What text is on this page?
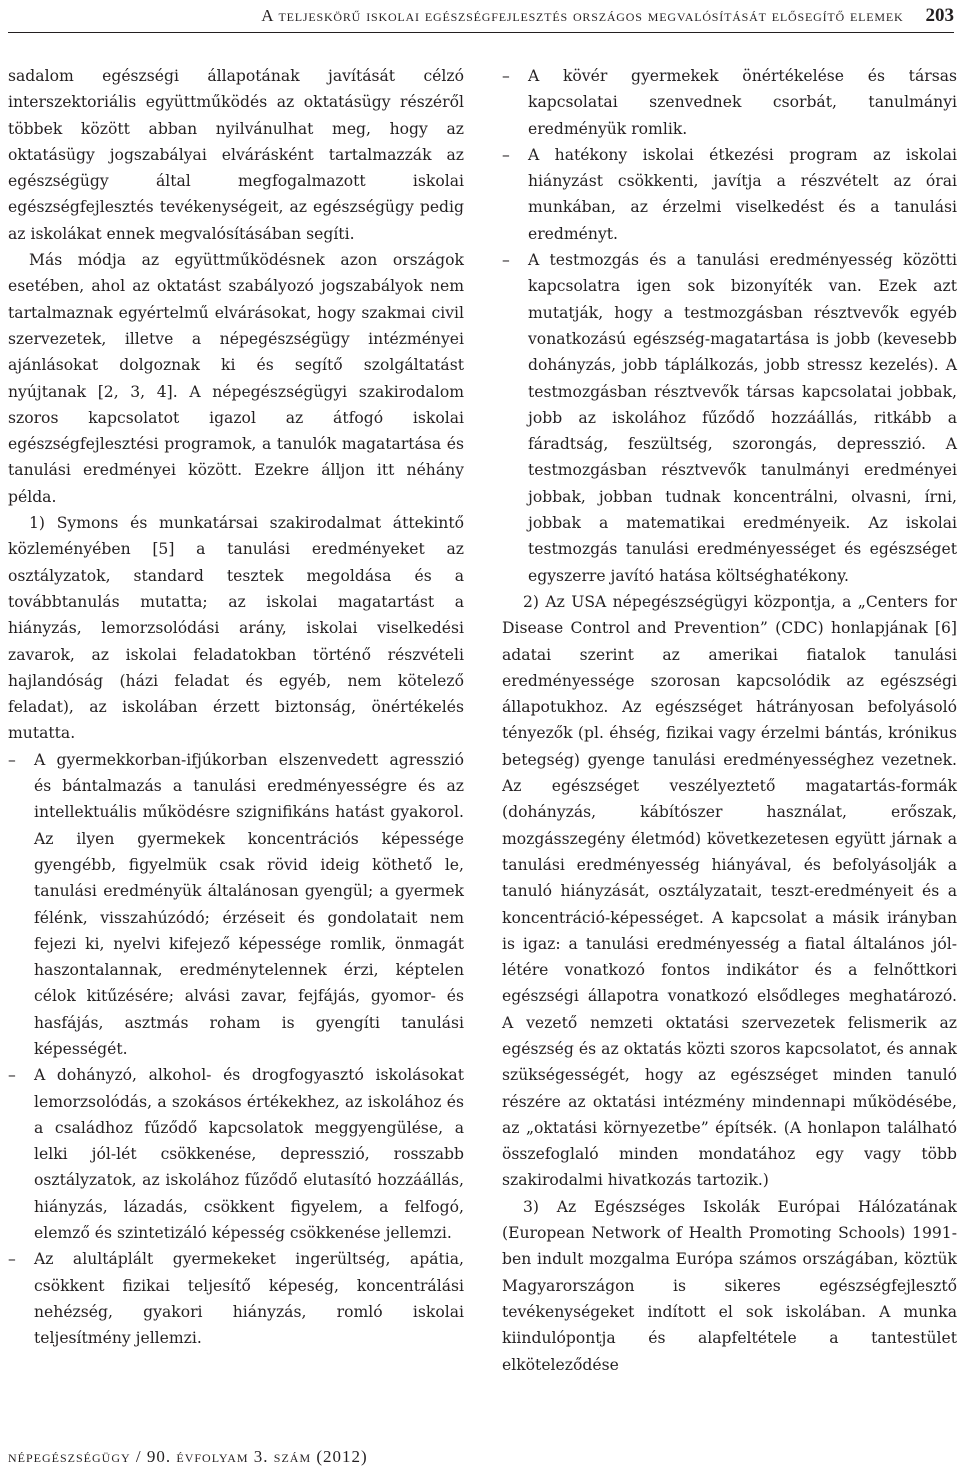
A teljeskörű iskolai egészségfejlesztés országos megvalósítását elősegítő elemek 203

sadalom egészségi állapotának javítását célzó interszektoriális együttműködés az oktatásügy részéről többek között abban nyilvánulhat meg, hogy az oktatásügy jogszabályai elvárásként tartalmazzák az egészségügy által megfogalmazott iskolai egészségfejlesztés tevékenységeit, az egészségügy pedig az iskolákat ennek megvalósításában segíti.

Más módja az együttműködésnek azon országok esetében, ahol az oktatást szabályozó jogszabályok nem tartalmaznak egyértelmű elvárásokat, hogy szakmai civil szervezetek, illetve a népegészségügy intézményei ajánlásokat dolgoznak ki és segítő szolgáltatást nyújtanak [2, 3, 4]. A népegészségügyi szakirodalom szoros kapcsolatot igazol az átfogó iskolai egészségfejlesztési programok, a tanulók magatartása és tanulási eredményei között. Ezekre álljon itt néhány példa.

1) Symons és munkatársai szakirodalmat áttekintő közleményében [5] a tanulási eredményeket az osztályzatok, standard tesztek megoldása és a továbbtanulás mutatta; az iskolai magatartást a hiányzás, lemorzsolódási arány, iskolai viselkedési zavarok, az iskolai feladatokban történő részvételi hajlandóság (házi feladat és egyéb, nem kötelező feladat), az iskolában érzett biztonság, önértékelés mutatta.

– A gyermekkorban-ifjúkorban elszenvedett agresszió és bántalmazás a tanulási eredményességre és az intellektuális működésre szignifikáns hatást gyakorol. Az ilyen gyermekek koncentrációs képessége gyengébb, figyelmük csak rövid ideig köthető le, tanulási eredményük általánosan gyengül; a gyermek félénk, visszahúzódó; érzéseit és gondolatait nem fejezi ki, nyelvi kifejező képessége romlik, önmagát haszontalannak, eredménytelennek érzi, képtelen célok kitűzésére; alvási zavar, fejfájás, gyomor- és hasfájás, asztmás roham is gyengíti tanulási képességét.
– A dohányzó, alkohol- és drogfogyasztó iskolásokat lemorzsolódás, a szokásos értékekhez, az iskolához és a családhoz fűződő kapcsolatok meggyengülése, a lelki jól-lét csökkenése, depresszió, rosszabb osztályzatok, az iskolához fűződő elutasító hozzáállás, hiányzás, lázadás, csökkent figyelem, a felfogó, elemző és szintetizáló képesség csökkenése jellemzi.
– Az alultáplált gyermekeket ingerültség, apátia, csökkent fizikai teljesítő képeség, koncentrálási nehézség, gyakori hiányzás, romló iskolai teljesítmény jellemzi.
– A kövér gyermekek önértékelése és társas kapcsolatai szenvednek csorbát, tanulmányi eredményük romlik.
– A hatékony iskolai étkezési program az iskolai hiányzást csökkenti, javítja a részvételt az órai munkában, az érzelmi viselkedést és a tanulási eredményt.
– A testmozgás és a tanulási eredményesség közötti kapcsolatra igen sok bizonyíték van. Ezek azt mutatják, hogy a testmozgásban résztvevők egyéb vonatkozású egészség-magatartása is jobb (kevesebb dohányzás, jobb táplálkozás, jobb stressz kezelés). A testmozgásban résztvevők társas kapcsolatai jobbak, jobb az iskolához fűződő hozzáállás, ritkább a fáradtság, feszültség, szorongás, depresszió. A testmozgásban résztvevők tanulmányi eredményei jobbak, jobban tudnak koncentrálni, olvasni, írni, jobbak a matematikai eredményeik. Az iskolai testmozgás tanulási eredményességet és egészséget egyszerre javító hatása költséghatékony.

2) Az USA népegészségügyi központja, a „Centers for Disease Control and Prevention” (CDC) honlapjának [6] adatai szerint az amerikai fiatalok tanulási eredményessége szorosan kapcsolódik az egészségi állapotukhoz. Az egészséget hátrányosan befolyásoló tényezők (pl. éhség, fizikai vagy érzelmi bántás, krónikus betegség) gyenge tanulási eredményességhez vezetnek. Az egészséget veszélyeztető magatartás-formák (dohányzás, kábítószer használat, erőszak, mozgásszegény életmód) következetesen együtt járnak a tanulási eredményesség hiányával, és befolyásolják a tanuló hiányzását, osztályzatait, teszt-eredményeit és a koncentráció-képességet. A kapcsolat a másik irányban is igaz: a tanulási eredményesség a fiatal általános jól-létére vonatkozó fontos indikátor és a felnőttkori egészségi állapotra vonatkozó elsődleges meghatározó. A vezető nemzeti oktatási szervezetek felismerik az egészség és az oktatás közti szoros kapcsolatot, és annak szükségességét, hogy az egészséget minden tanuló részére az oktatási intézmény mindennapi működésébe, az „oktatási környezetbe” építsék. (A honlapon található összefoglaló minden mondatához egy vagy több szakirodalmi hivatkozás tartozik.)

3) Az Egészséges Iskolák Európai Hálózatának (European Network of Health Promoting Schools) 1991-ben indult mozgalma Európa számos országában, köztük Magyarországon is sikeres egészségfejlesztő tevékenységeket indított el sok iskolában. A munka kiindulópontja és alapfeltétele a tantestület elköteleződése

népegészségügy / 90. évfolyam 3. szám (2012)
